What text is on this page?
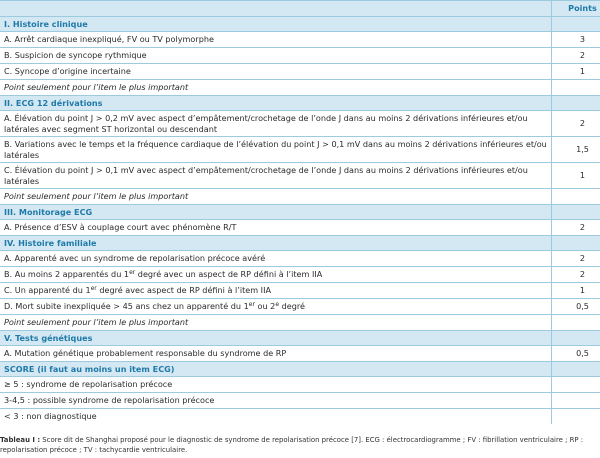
	Points
I. Histoire clinique	
A. Arrêt cardiaque inexpliqué, FV ou TV polymorphe	3
B. Suspicion de syncope rythmique	2
C. Syncope d’origine incertaine	1
Point seulement pour l’item le plus important	
II. ECG 12 dérivations	
A. Élévation du point J > 0,2 mV avec aspect d’empâtement/crochetage de l’onde J dans au moins 2 dérivations inférieures et/ou latérales avec segment ST horizontal ou descendant	2
B. Variations avec le temps et la fréquence cardiaque de l’élévation du point J > 0,1 mV dans au moins 2 dérivations inférieures et/ou latérales	1,5
C. Élévation du point J > 0,1 mV avec aspect d’empâtement/crochetage de l’onde J dans au moins 2 dérivations inférieures et/ou latérales	1
Point seulement pour l’item le plus important	
III. Monitorage ECG	
A. Présence d’ESV à couplage court avec phénomène R/T	2
IV. Histoire familiale	
A. Apparenté avec un syndrome de repolarisation précoce avéré	2
B. Au moins 2 apparentés du 1er degré avec un aspect de RP défini à l’item IIA	2
C. Un apparenté du 1er degré avec aspect de RP défini à l’item IIA	1
D. Mort subite inexpliquée > 45 ans chez un apparenté du 1er ou 2e degré	0,5
Point seulement pour l’item le plus important	
V. Tests génétiques	
A. Mutation génétique probablement responsable du syndrome de RP	0,5
SCORE (il faut au moins un item ECG)	
≥ 5 : syndrome de repolarisation précoce	
3-4,5 : possible syndrome de repolarisation précoce	
< 3 : non diagnostique	
Tableau I : Score dit de Shanghai proposé pour le diagnostic de syndrome de repolarisation précoce [7]. ECG : électrocardiogramme ; FV : fibrillation ventriculaire ; RP : repolarisation précoce ; TV : tachycardie ventriculaire.
